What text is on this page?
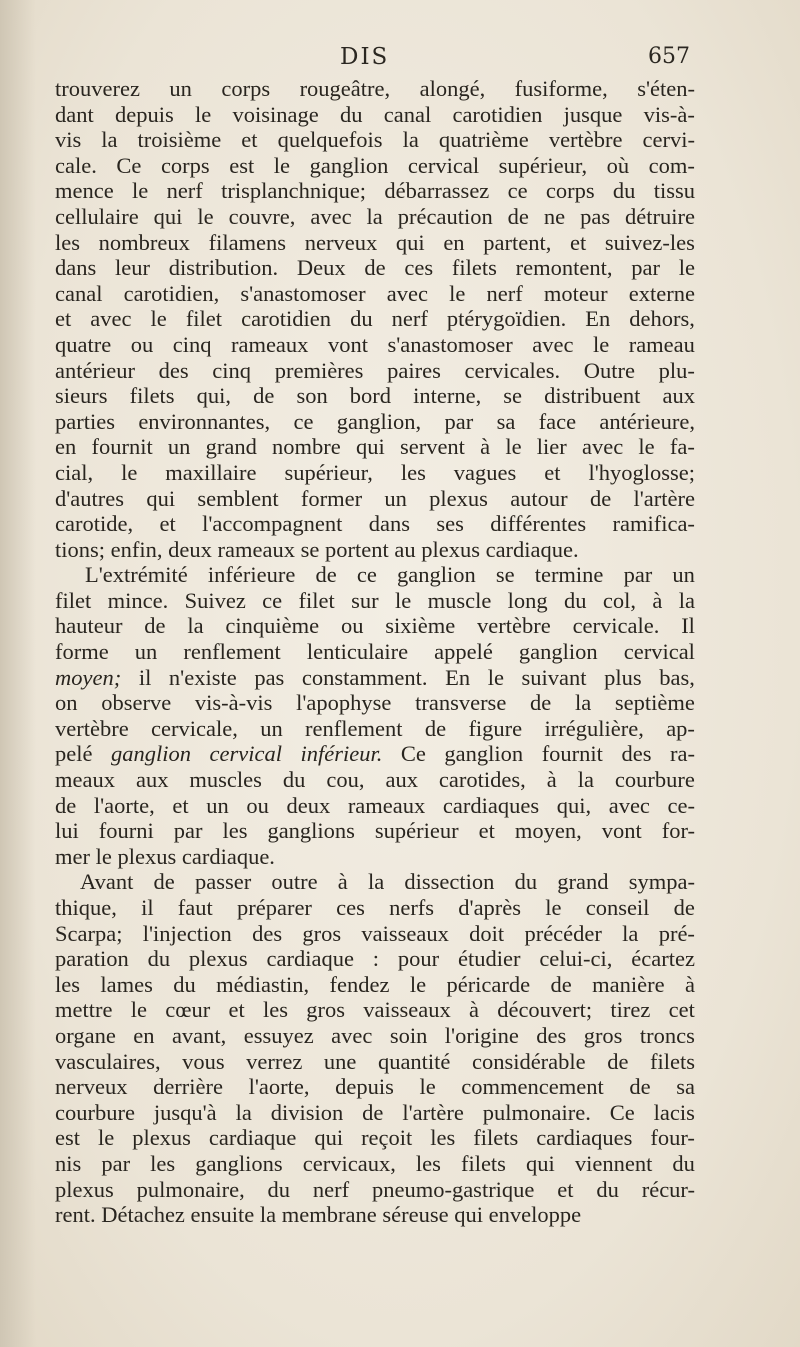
DIS	657
trouverez un corps rougeâtre, alongé, fusiforme, s'éten-
dant depuis le voisinage du canal carotidien jusque vis-à-
vis la troisième et quelquefois la quatrième vertèbre cervi-
cale. Ce corps est le ganglion cervical supérieur, où com-
mence le nerf trisplanchnique; débarrassez ce corps du tissu
cellulaire qui le couvre, avec la précaution de ne pas détruire
les nombreux filamens nerveux qui en partent, et suivez-les
dans leur distribution. Deux de ces filets remontent, par le
canal carotidien, s'anastomoser avec le nerf moteur externe
et avec le filet carotidien du nerf ptérygoïdien. En dehors,
quatre ou cinq rameaux vont s'anastomoser avec le rameau
antérieur des cinq premières paires cervicales. Outre plu-
sieurs filets qui, de son bord interne, se distribuent aux
parties environnantes, ce ganglion, par sa face antérieure,
en fournit un grand nombre qui servent à le lier avec le fa-
cial, le maxillaire supérieur, les vagues et l'hyoglosse;
d'autres qui semblent former un plexus autour de l'artère
carotide, et l'accompagnent dans ses différentes ramifica-
tions; enfin, deux rameaux se portent au plexus cardiaque.
L'extrémité inférieure de ce ganglion se termine par un
filet mince. Suivez ce filet sur le muscle long du col, à la
hauteur de la cinquième ou sixième vertèbre cervicale. Il
forme un renflement lenticulaire appelé ganglion cervical
moyen; il n'existe pas constamment. En le suivant plus bas,
on observe vis-à-vis l'apophyse transverse de la septième
vertèbre cervicale, un renflement de figure irrégulière, ap-
pelé ganglion cervical inférieur. Ce ganglion fournit des ra-
meaux aux muscles du cou, aux carotides, à la courbure
de l'aorte, et un ou deux rameaux cardiaques qui, avec ce-
lui fourni par les ganglions supérieur et moyen, vont for-
mer le plexus cardiaque.
Avant de passer outre à la dissection du grand sympa-
thique, il faut préparer ces nerfs d'après le conseil de
Scarpa; l'injection des gros vaisseaux doit précéder la pré-
paration du plexus cardiaque : pour étudier celui-ci, écartez
les lames du médiastin, fendez le péricarde de manière à
mettre le cœur et les gros vaisseaux à découvert; tirez cet
organe en avant, essuyez avec soin l'origine des gros troncs
vasculaires, vous verrez une quantité considérable de filets
nerveux derrière l'aorte, depuis le commencement de sa
courbure jusqu'à la division de l'artère pulmonaire. Ce lacis
est le plexus cardiaque qui reçoit les filets cardiaques four-
nis par les ganglions cervicaux, les filets qui viennent du
plexus pulmonaire, du nerf pneumo-gastrique et du récur-
rent. Détachez ensuite la membrane séreuse qui enveloppe
